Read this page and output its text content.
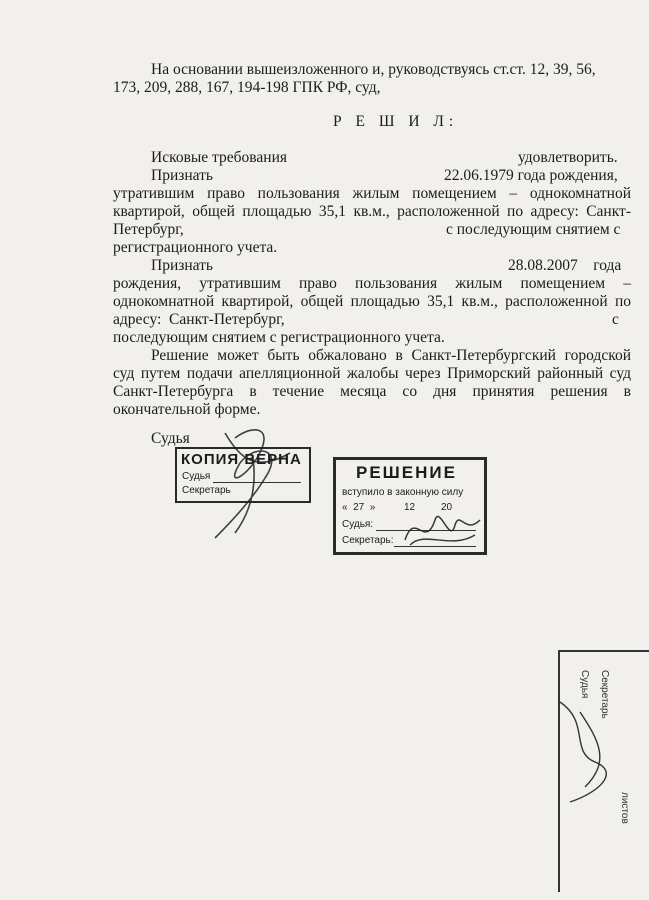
На основании вышеизложенного и, руководствуясь ст.ст. 12, 39, 56,
173, 209, 288, 167, 194-198 ГПК РФ, суд,
Р Е Ш И Л:
Исковые требования	удовлетворить.
Признать	22.06.1979 года рождения,
утратившим право пользования жилым помещением – однокомнатной
квартирой, общей площадью 35,1 кв.м., расположенной по адресу: Санкт-
Петербург,	с последующим снятием с
регистрационного учета.
Признать	28.08.2007    года
рождения, утратившим право пользования жилым помещением –
однокомнатной квартирой, общей площадью 35,1 кв.м., расположенной по
адресу:  Санкт-Петербург,	с
последующим снятием с регистрационного учета.
Решение может быть обжаловано в Санкт-Петербургский городской
суд путем подачи апелляционной жалобы через Приморский районный суд
Санкт-Петербурга в течение месяца со дня принятия решения в
окончательной форме.
Судья
КОПИЯ ВЕРНА
Судья
Секретарь
РЕШЕНИЕ
вступило в законную силу
«  27  »	12	20
Судья:
Секретарь:
Судья Секретарь
листов
